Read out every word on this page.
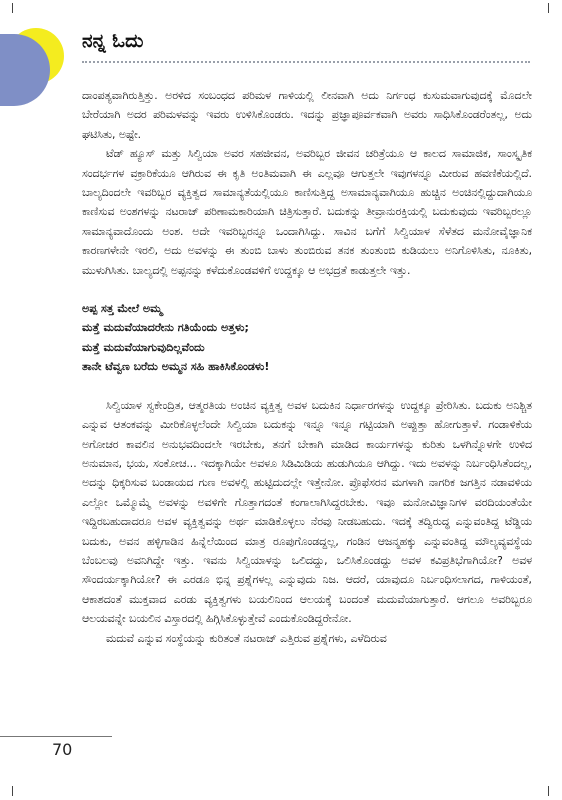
ನನ್ನ ಓದು

ದಾಂಪತ್ಯವಾಗಿರುತ್ತಿತ್ತು. ಅರಳಿದ ಸಂಬಂಧದ ಪರಿಮಳ ಗಾಳಿಯಲ್ಲಿ ಲೀನವಾಗಿ ಅದು ನಿರ್ಗಂಧ ಕುಸುಮವಾಗುವುದಕ್ಕೆ ಮೊದಲೇ ಬೇರೆಯಾಗಿ ಅದರ ಪರಿಮಳವನ್ನು ಇವರು ಉಳಿಸಿಕೊಂಡರು. ಇದನ್ನು ಪ್ರಜ್ಞಾಪೂರ್ವಕವಾಗಿ ಅವರು ಸಾಧಿಸಿಕೊಂಡರೆಂತಲ್ಲ, ಅದು ಘಟಿಸಿತು, ಅಷ್ಟೇ.

ಟೆಡ್ ಹ್ಯೂಸ್ ಮತ್ತು ಸಿಲ್ವಿಯಾ ಅವರ ಸಹಜೀವನ, ಅವರಿಬ್ಬರ ಜೀವನ ಚರಿತ್ರೆಯೂ ಆ ಕಾಲದ ಸಾಮಾಜಿಕ, ಸಾಂಸ್ಕೃತಿಕ ಸಂದರ್ಭಗಳ ವಕ್ರಾರಿಕೆಯೂ ಆಗಿರುವ ಈ ಕೃತಿ ಅಂತಿಮವಾಗಿ ಈ ಎಲ್ಲವೂ ಆಗುತ್ತಲೇ ಇವುಗಳನ್ನೂ ಮೀರುವ ಹವಣಿಕೆಯಲ್ಲಿದೆ. ಬಾಲ್ಯದಿಂದಲೇ ಇವರಿಬ್ಬರ ವ್ಯಕ್ತಿತ್ವದ ಸಾಮಾನ್ಯತೆಯಲ್ಲಿಯೂ ಕಾಣಿಸುತ್ತಿದ್ದ ಅಸಾಮಾನ್ಯವಾಗಿಯೂ ಹುಚ್ಚಿನ ಅಂಚಿನಲ್ಲಿದ್ದುದಾಗಿಯೂ ಕಾಣಿಸುವ ಅಂಶಗಳನ್ನು ನಟರಾಜ್ ಪರಿಣಾಮಕಾರಿಯಾಗಿ ಚಿತ್ರಿಸುತ್ತಾರೆ. ಬದುಕನ್ನು ತೀವ್ರಾನುರಕ್ತಿಯಲ್ಲಿ ಬದುಕುವುದು ಇವರಿಬ್ಬರಲ್ಲೂ ಸಾಮಾನ್ಯವಾದೊಂದು ಅಂಶ. ಅದೇ ಇವರಿಬ್ಬರನ್ನೂ ಒಂದಾಗಿಸಿದ್ದು. ಸಾವಿನ ಬಗೆಗೆ ಸಿಲ್ವಿಯಾಳ ಸೆಳೆತದ ಮನೋವೈಜ್ಞಾನಿಕ ಕಾರಣಗಳೇನೇ ಇರಲಿ, ಅದು ಅವಳನ್ನು ಈ ತುಂಬಿ ಬಾಳು ತುಂಬಿರುವ ತನಕ ತುಂತುಂಬಿ ಕುಡಿಯಲು ಅನಿಗೊಳಿಸಿತು, ನೂಕಿತು, ಮುಳುಗಿಸಿತು. ಬಾಲ್ಯದಲ್ಲಿ ಅಪ್ಪನನ್ನು ಕಳೆದುಕೊಂಡವಳಿಗೆ ಉದ್ದಕ್ಕೂ ಆ ಅಭದ್ರತೆ ಕಾಡುತ್ತಲೇ ಇತ್ತು.

ಅಪ್ಪ ಸತ್ತ ಮೇಲೆ ಅಮ್ಮ
ಮತ್ತೆ ಮದುವೆಯಾದರೇನು ಗತಿಯೆಂದು ಅತ್ತಳು;
ಮತ್ತೆ ಮದುವೆಯಾಗುವುದಿಲ್ಲವೆಂದು
ತಾನೇ ಟೆವ್ವಣ ಬರೆದು ಅಮ್ಮನ ಸಹಿ ಹಾಕಿಸಿಕೊಂಡಳು!

ಸಿಲ್ವಿಯಾಳ ಸ್ವಕೇಂದ್ರಿತ, ಆತ್ಮರತಿಯ ಅಂಚಿನ ವ್ಯಕ್ತಿತ್ವ ಅವಳ ಬದುಕಿನ ನಿರ್ಧಾರಗಳನ್ನು ಉದ್ದಕ್ಕೂ ಪ್ರೇರಿಸಿತು. ಬದುಕು ಅನಿಶ್ಚಿತ ಎನ್ನುವ ಆತಂಕವನ್ನು ಮೀರಿಕೊಳ್ಳಲೆಂದೇ ಸಿಲ್ವಿಯಾ ಬದುಕನ್ನು ಇನ್ನೂ ಇನ್ನೂ ಗಟ್ಟಿಯಾಗಿ ಅಪ್ಪುತ್ತಾ ಹೋಗುತ್ತಾಳೆ. ಗಂಡಾಳಿಕೆಯ ಅಗೋಚರ ಕಾವಲಿನ ಅನುಭವದಿಂದಲೇ ಇರಬೇಕು, ತನಗೆ ಬೇಕಾಗಿ ಮಾಡಿದ ಕಾರ್ಯಗಳನ್ನು ಕುರಿತು ಒಳಗಿನ್ನೊಳಗೇ ಉಳಿದ ಅನುಮಾನ, ಭಯ, ಸಂಕೋಚ... ಇದಕ್ಕಾಗಿಯೇ ಅವಳೂ ಸಿಡಿಮಿಡಿಯ ಹುಡುಗಿಯೂ ಆಗಿದ್ದು. ಇದು ಅವಳನ್ನು ನಿರ್ಬಂಧಿಸಿತೆಂದಲ್ಲ, ಅದನ್ನು ಧಿಕ್ಕರಿಸುವ ಬಂಡಾಯದ ಗುಣ ಅವಳಲ್ಲಿ ಹುಟ್ಟಿದುದಲ್ಲೇ ಇತ್ತೇನೋ. ಪ್ರೊಫೆಸರನ ಮಗಳಾಗಿ ನಾಗರಿಕ ಜಗತ್ತಿನ ನಡಾವಳಿಯ ಎಲ್ಲೋ ಒಮ್ಮೊಮ್ಮೆ ಅವಳನ್ನು ಅವಳಿಗೇ ಗೊತ್ತಾಗದಂತೆ ಕಂಗಾಲಾಗಿಸಿದ್ದರಬೇಕು. ಇವೂ ಮನೋವಿಜ್ಞಾನಿಗಳ ವರದಿಯಂತೆಯೇ ಇದ್ದಿರಬಹುದಾದರೂ ಅವಳ ವ್ಯಕ್ತಿತ್ವವನ್ನು ಅರ್ಥ ಮಾಡಿಕೊಳ್ಳಲು ನೆರವು ನೀಡಬಹುದು. ಇದಕ್ಕೆ ತದ್ವಿರುದ್ಧ ಎನ್ನುವಂತಿದ್ದ ಟೆಡ್ಡಿಯ ಬದುಕು, ಅವನ ಹಳ್ಳಿಗಾಡಿನ ಹಿನ್ನೆಲೆಯಿಂದ ಮಾತ್ರ ರೂಪುಗೊಂಡದ್ದಲ್ಲ, ಗಂಡಿನ ಆಜನ್ಮಹಕ್ಕು ಎನ್ನುವಂತಿದ್ದ ಮೌಲ್ಯವ್ಯವಸ್ಥೆಯ ಬೆಂಬಲವು ಅವನಿಗಿದ್ದೇ ಇತ್ತು. ಇವನು ಸಿಲ್ವಿಯಾಳನ್ನು ಒಲಿದದ್ದು, ಒಲಿಸಿಕೊಂಡದ್ದು ಅವಳ ಕವಿಪ್ರತಿಭೆಗಾಗಿಯೋ? ಅವಳ ಸೌಂದರ್ಯಕ್ಕಾಗಿಯೋ? ಈ ಎರಡೂ ಭಿನ್ನ ಪ್ರಶ್ನೆಗಳಲ್ಲ ಎನ್ನುವುದು ನಿಜ. ಆದರೆ, ಯಾವುದೂ ನಿರ್ಬಂಧಿಸಲಾಗದ, ಗಾಳಿಯಂತೆ, ಆಕಾಶದಂತೆ ಮುಕ್ತವಾದ ಎರಡು ವ್ಯಕ್ತಿತ್ವಗಳು ಬಯಲಿನಿಂದ ಆಲಯಕ್ಕೆ ಬಂದಂತೆ ಮದುವೆಯಾಗುತ್ತಾರೆ. ಆಗಲೂ ಅವರಿಬ್ಬರೂ ಆಲಯವನ್ನೇ ಬಯಲಿನ ವಿಸ್ತಾರದಲ್ಲಿ ಹಿಗ್ಗಿಸಿಕೊಳ್ಳುತ್ತೇವೆ ಎಂದುಕೊಂಡಿದ್ದರೇನೋ.

ಮದುವೆ ಎನ್ನುವ ಸಂಸ್ಥೆಯನ್ನು ಕುರಿತಂತೆ ನಟರಾಜ್ ಎತ್ತಿರುವ ಪ್ರಶ್ನೆಗಳು, ಎಳೆದಿರುವ

70
